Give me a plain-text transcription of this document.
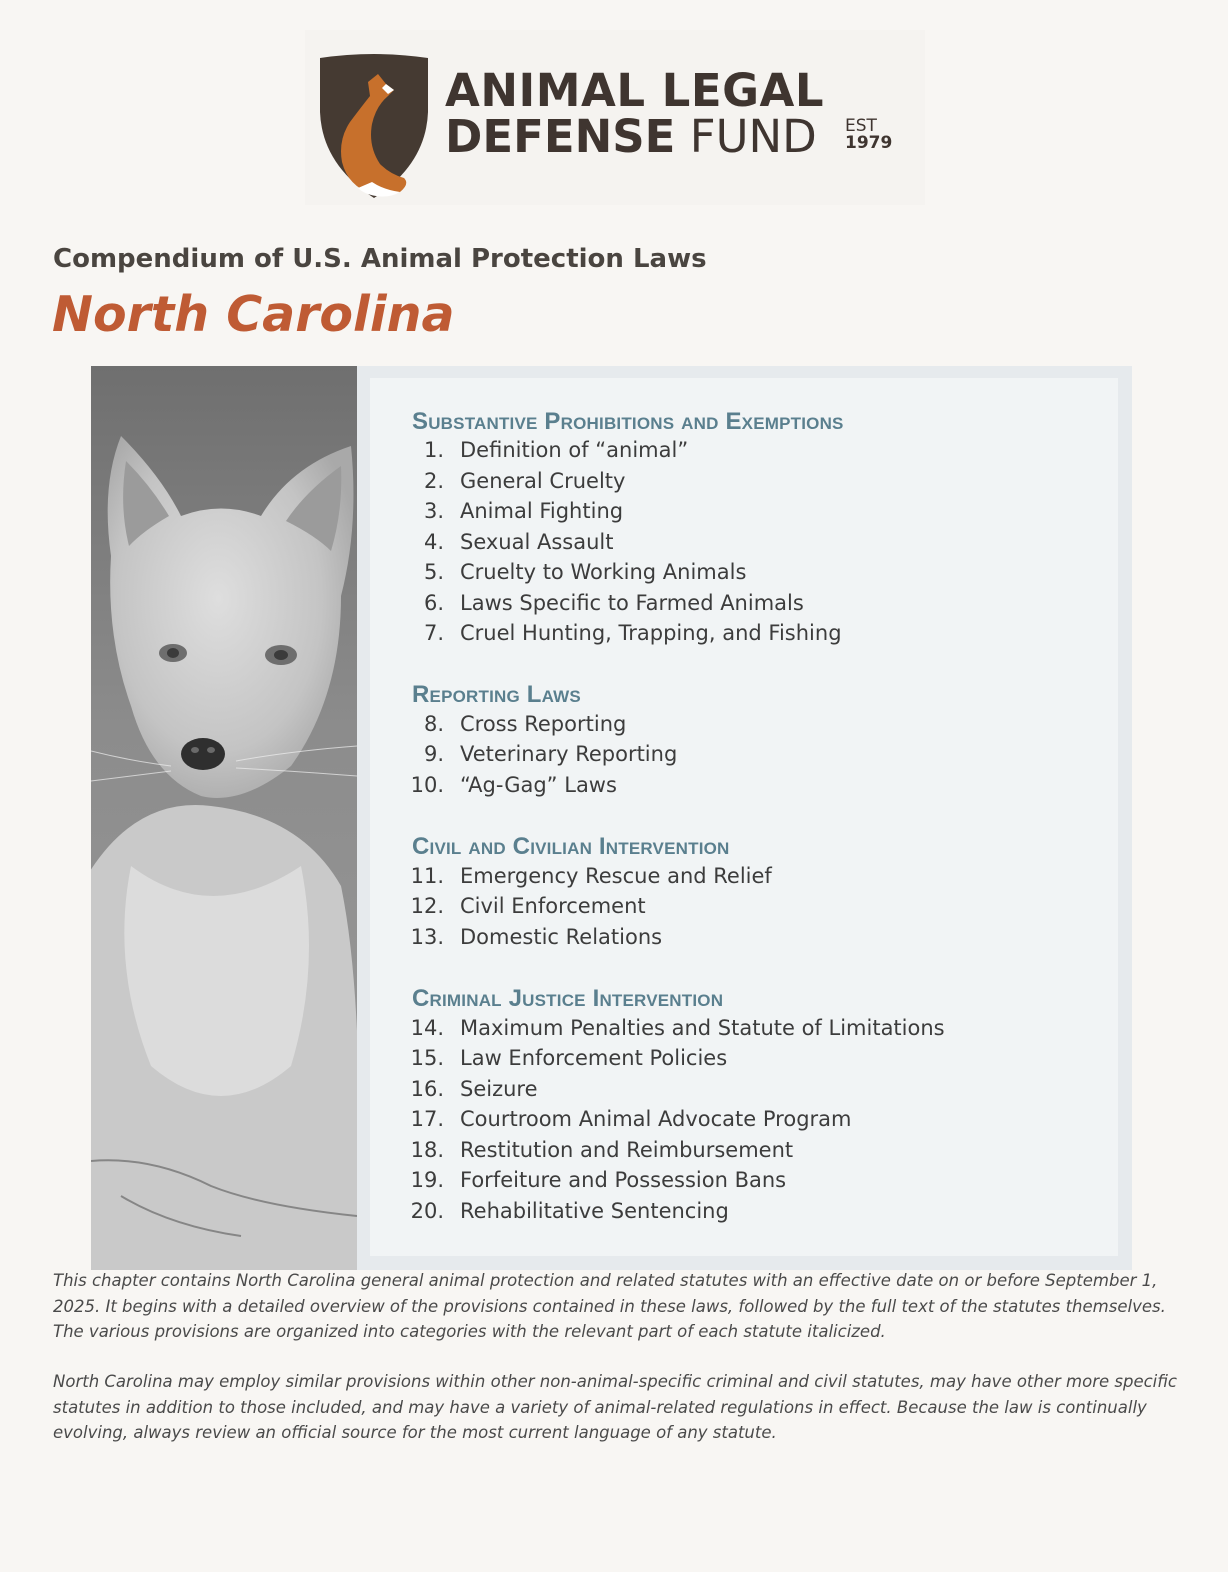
ANIMAL LEGAL
DEFENSE FUND EST
1979
Compendium of U.S. Animal Protection Laws
North Carolina
Substantive Prohibitions and Exemptions
1. Definition of “animal”
2. General Cruelty
3. Animal Fighting
4. Sexual Assault
5. Cruelty to Working Animals
6. Laws Specific to Farmed Animals
7. Cruel Hunting, Trapping, and Fishing
Reporting Laws
8. Cross Reporting
9. Veterinary Reporting
10. “Ag-Gag” Laws
Civil and Civilian Intervention
11. Emergency Rescue and Relief
12. Civil Enforcement
13. Domestic Relations
Criminal Justice Intervention
14. Maximum Penalties and Statute of Limitations
15. Law Enforcement Policies
16. Seizure
17. Courtroom Animal Advocate Program
18. Restitution and Reimbursement
19. Forfeiture and Possession Bans
20. Rehabilitative Sentencing
This chapter contains North Carolina general animal protection and related statutes with an effective date on or before September 1, 2025. It begins with a detailed overview of the provisions contained in these laws, followed by the full text of the statutes themselves. The various provisions are organized into categories with the relevant part of each statute italicized.
North Carolina may employ similar provisions within other non-animal-specific criminal and civil statutes, may have other more specific statutes in addition to those included, and may have a variety of animal-related regulations in effect. Because the law is continually evolving, always review an official source for the most current language of any statute.
